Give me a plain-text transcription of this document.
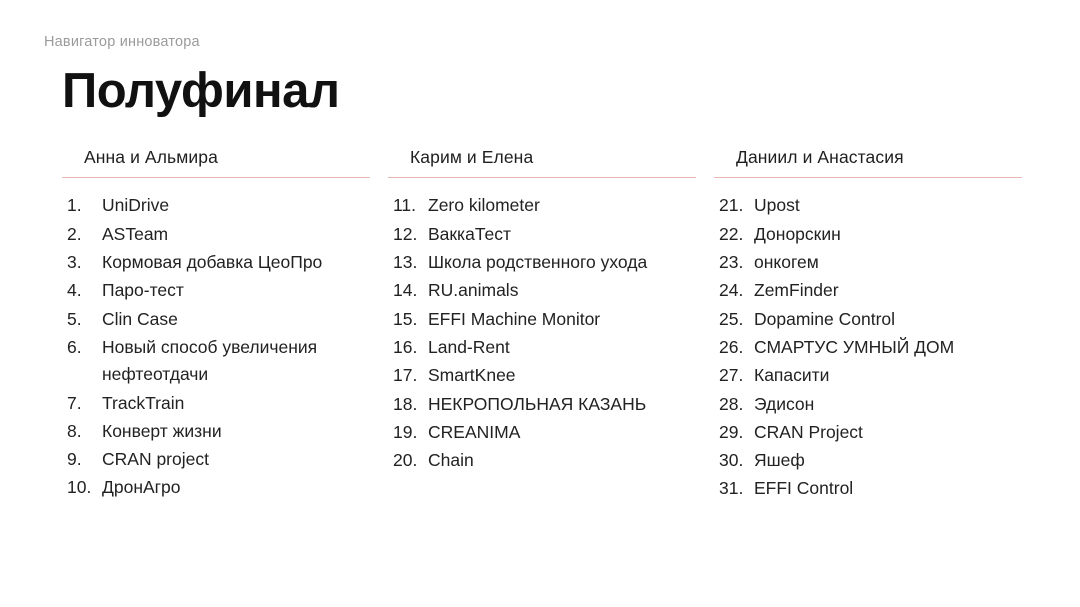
Навигатор инноватора
Полуфинал
Анна и Альмира
1.	UniDrive
2.	ASTeam
3.	Кормовая добавка ЦеоПро
4.	Паро-тест
5.	Clin Case
6.	Новый способ увеличения нефтеотдачи
7.	TrackTrain
8.	Конверт жизни
9.	CRAN project
10. ДронАгро
Карим и Елена
11. Zero kilometer
12. ВаккаТест
13. Школа родственного ухода
14. RU.animals
15. EFFI Machine Monitor
16. Land-Rent
17. SmartKnee
18. НЕКРОПОЛЬНАЯ КАЗАНЬ
19. CREANIMA
20. Chain
Даниил и Анастасия
21. Upost
22. Донорскин
23. онкогем
24. ZemFinder
25. Dopamine Control
26. СМАРТУС УМНЫЙ ДОМ
27. Капасити
28. Эдисон
29. CRAN Project
30. Яшеф
31. EFFI Control
